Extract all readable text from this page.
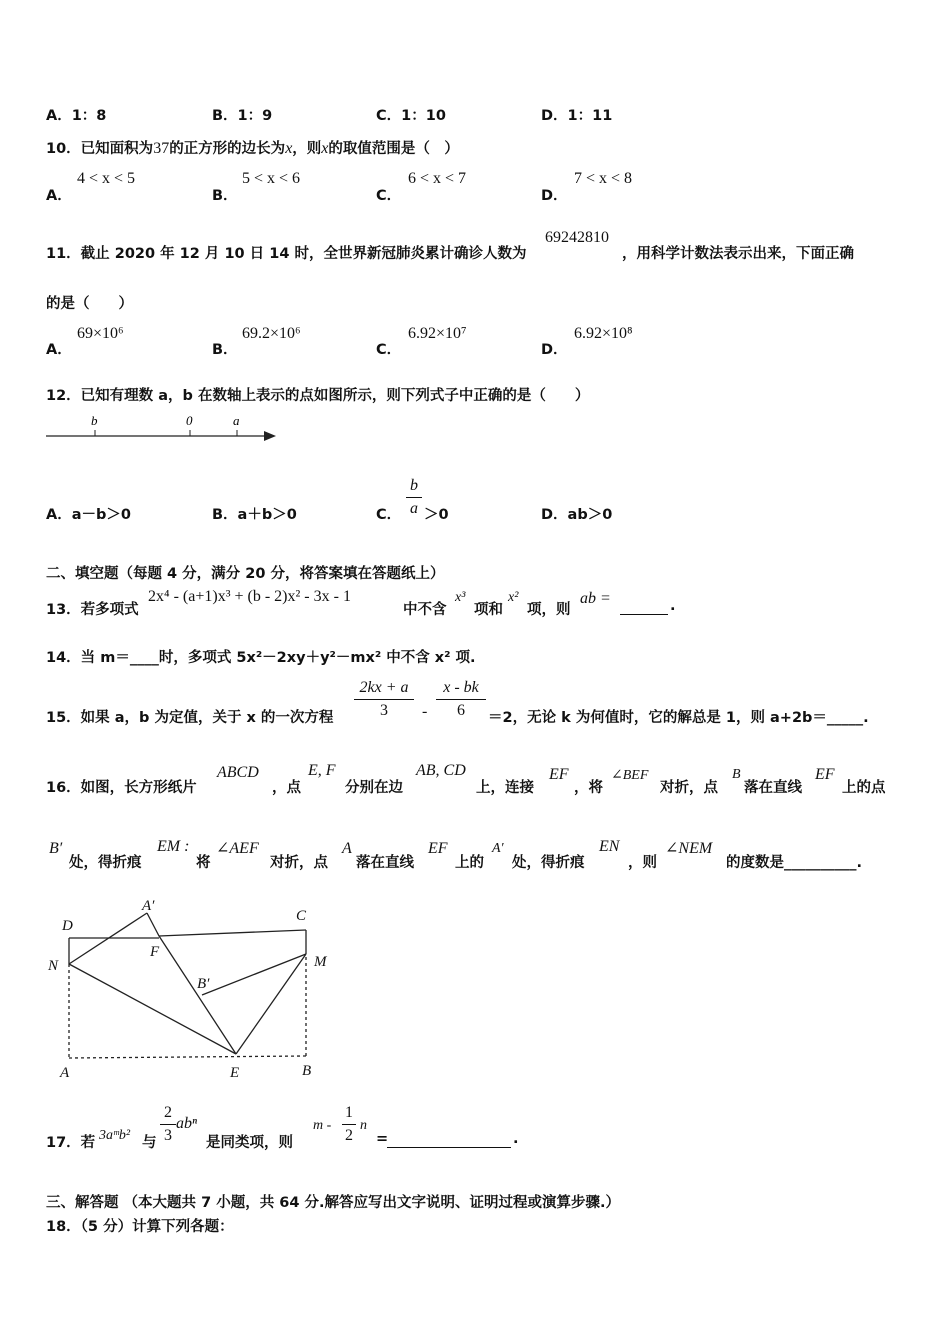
A．1：8	B．1：9	C．1：10	D．1：11
10．已知面积为37的正方形的边长为x，则x的取值范围是（　）
A．
4 < x < 5
B．
5 < x < 6
C．
6 < x < 7
D．
7 < x < 8
11．截止 2020 年 12 月 10 日 14 时，全世界新冠肺炎累计确诊人数为
69242810
，用科学计数法表示出来，下面正确
的是（　　）
A．
69×10⁶
B．
69.2×10⁶
C．
6.92×10⁷
D．
6.92×10⁸
12．已知有理数 a，b 在数轴上表示的点如图所示，则下列式子中正确的是（　　）
b	0	a
A．a－b＞0	B．a＋b＞0	C．
b
a ＞0	D．ab＞0
二、填空题（每题 4 分，满分 20 分，将答案填在答题纸上）
13．若多项式
2x⁴ - (a+1)x³ + (b - 2)x² - 3x - 1
中不含
x³
项和
x²
项，则
ab =	.
14．当 m＝____时，多项式 5x²－2xy＋y²－mx² 中不含 x² 项.
15．如果 a，b 为定值，关于 x 的一次方程
2kx + a
3	-
x - bk
6	＝2，无论 k 为何值时，它的解总是 1，则 a+2b＝_____.
16．如图，长方形纸片
ABCD
，点
E, F
分别在边
AB, CD
上，连接
EF
，将
∠BEF
对折，点
B
落在直线
EF
上的点
B′
处，得折痕
EM :
将
∠AEF
对折，点
A
落在直线
EF
上的
A′
处，得折痕
EN
，则
∠NEM
的度数是__________.
D
A′
C
F
N	M
B′
A	E	B
17．若 3aᵐb² 与
2
3
abⁿ
是同类项，则
m -
1
2
n
=	.
三、解答题 （本大题共 7 小题，共 64 分.解答应写出文字说明、证明过程或演算步骤.）
18．（5 分）计算下列各题：
